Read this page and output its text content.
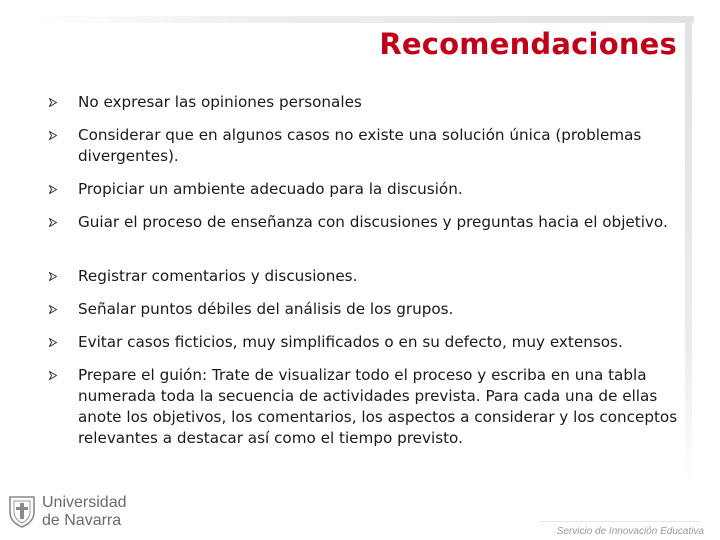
Recomendaciones
No expresar las opiniones personales
Considerar que en algunos casos no existe una solución única (problemas divergentes).
Propiciar un ambiente adecuado para la discusión.
Guiar el proceso de enseñanza con discusiones y preguntas hacia el objetivo.
Registrar comentarios y discusiones.
Señalar puntos débiles del análisis de los grupos.
Evitar casos ficticios, muy simplificados o en su defecto, muy extensos.
Prepare el guión: Trate de visualizar todo el proceso y escriba en una tabla numerada toda la secuencia de actividades prevista. Para cada una de ellas anote los objetivos, los comentarios, los aspectos a considerar y los conceptos relevantes a destacar así como el tiempo previsto.
Universidad
de Navarra
Servicio de Innovación Educativa
